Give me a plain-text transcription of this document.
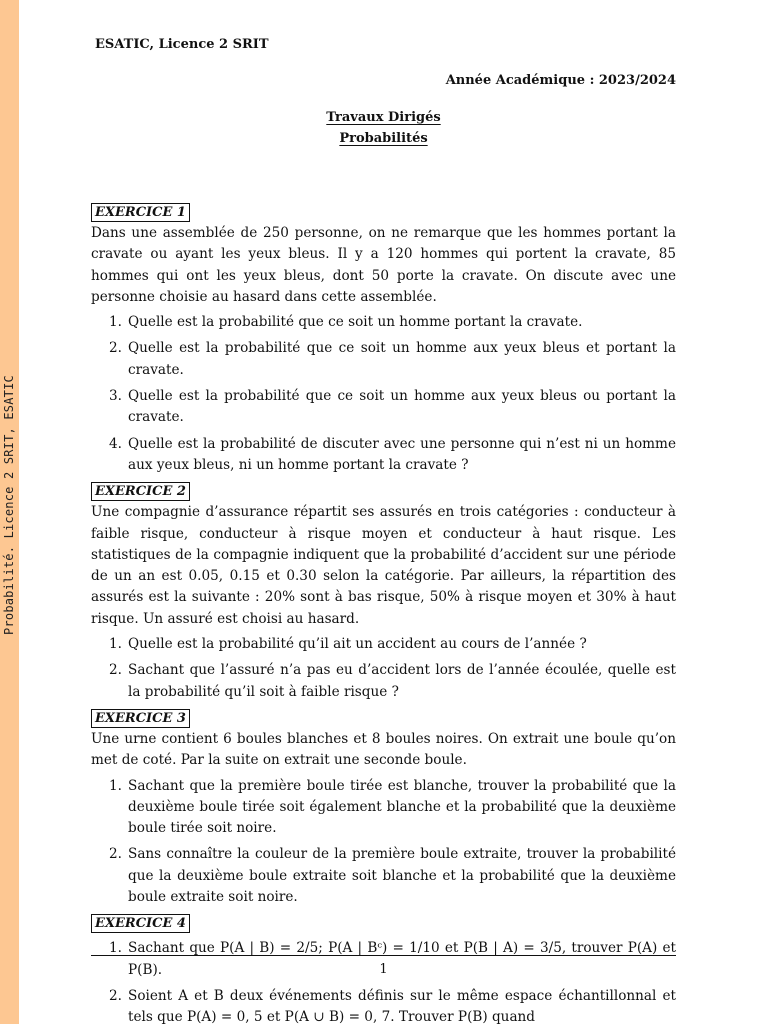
Probabilité. Licence 2 SRIT, ESATIC
ESATIC, Licence 2 SRIT
Année Académique : 2023/2024
Travaux Dirigés
Probabilités
EXERCICE 1

Dans une assemblée de 250 personne, on ne remarque que les hommes portant la cravate ou ayant les yeux bleus. Il y a 120 hommes qui portent la cravate, 85 hommes qui ont les yeux bleus, dont 50 porte la cravate. On discute avec une personne choisie au hasard dans cette assemblée.

1. Quelle est la probabilité que ce soit un homme portant la cravate.
2. Quelle est la probabilité que ce soit un homme aux yeux bleus et portant la cravate.
3. Quelle est la probabilité que ce soit un homme aux yeux bleus ou portant la cravate.
4. Quelle est la probabilité de discuter avec une personne qui n’est ni un homme aux yeux bleus, ni un homme portant la cravate ?
EXERCICE 2

Une compagnie d’assurance répartit ses assurés en trois catégories : conducteur à faible risque, conducteur à risque moyen et conducteur à haut risque. Les statistiques de la compagnie indiquent que la probabilité d’accident sur une période de un an est 0.05, 0.15 et 0.30 selon la catégorie. Par ailleurs, la répartition des assurés est la suivante : 20% sont à bas risque, 50% à risque moyen et 30% à haut risque. Un assuré est choisi au hasard.

1. Quelle est la probabilité qu’il ait un accident au cours de l’année ?
2. Sachant que l’assuré n’a pas eu d’accident lors de l’année écoulée, quelle est la probabilité qu’il soit à faible risque ?
EXERCICE 3

Une urne contient 6 boules blanches et 8 boules noires. On extrait une boule qu’on met de coté. Par la suite on extrait une seconde boule.

1. Sachant que la première boule tirée est blanche, trouver la probabilité que la deuxième boule tirée soit également blanche et la probabilité que la deuxième boule tirée soit noire.
2. Sans connaître la couleur de la première boule extraite, trouver la probabilité que la deuxième boule extraite soit blanche et la probabilité que la deuxième boule extraite soit noire.
EXERCICE 4
1. Sachant que P(A | B) = 2/5; P(A | Bᶜ) = 1/10 et P(B | A) = 3/5, trouver P(A) et P(B).
2. Soient A et B deux événements définis sur le même espace échantillonnal et tels que P(A) = 0, 5 et P(A ∪ B) = 0, 7. Trouver P(B) quand
1
